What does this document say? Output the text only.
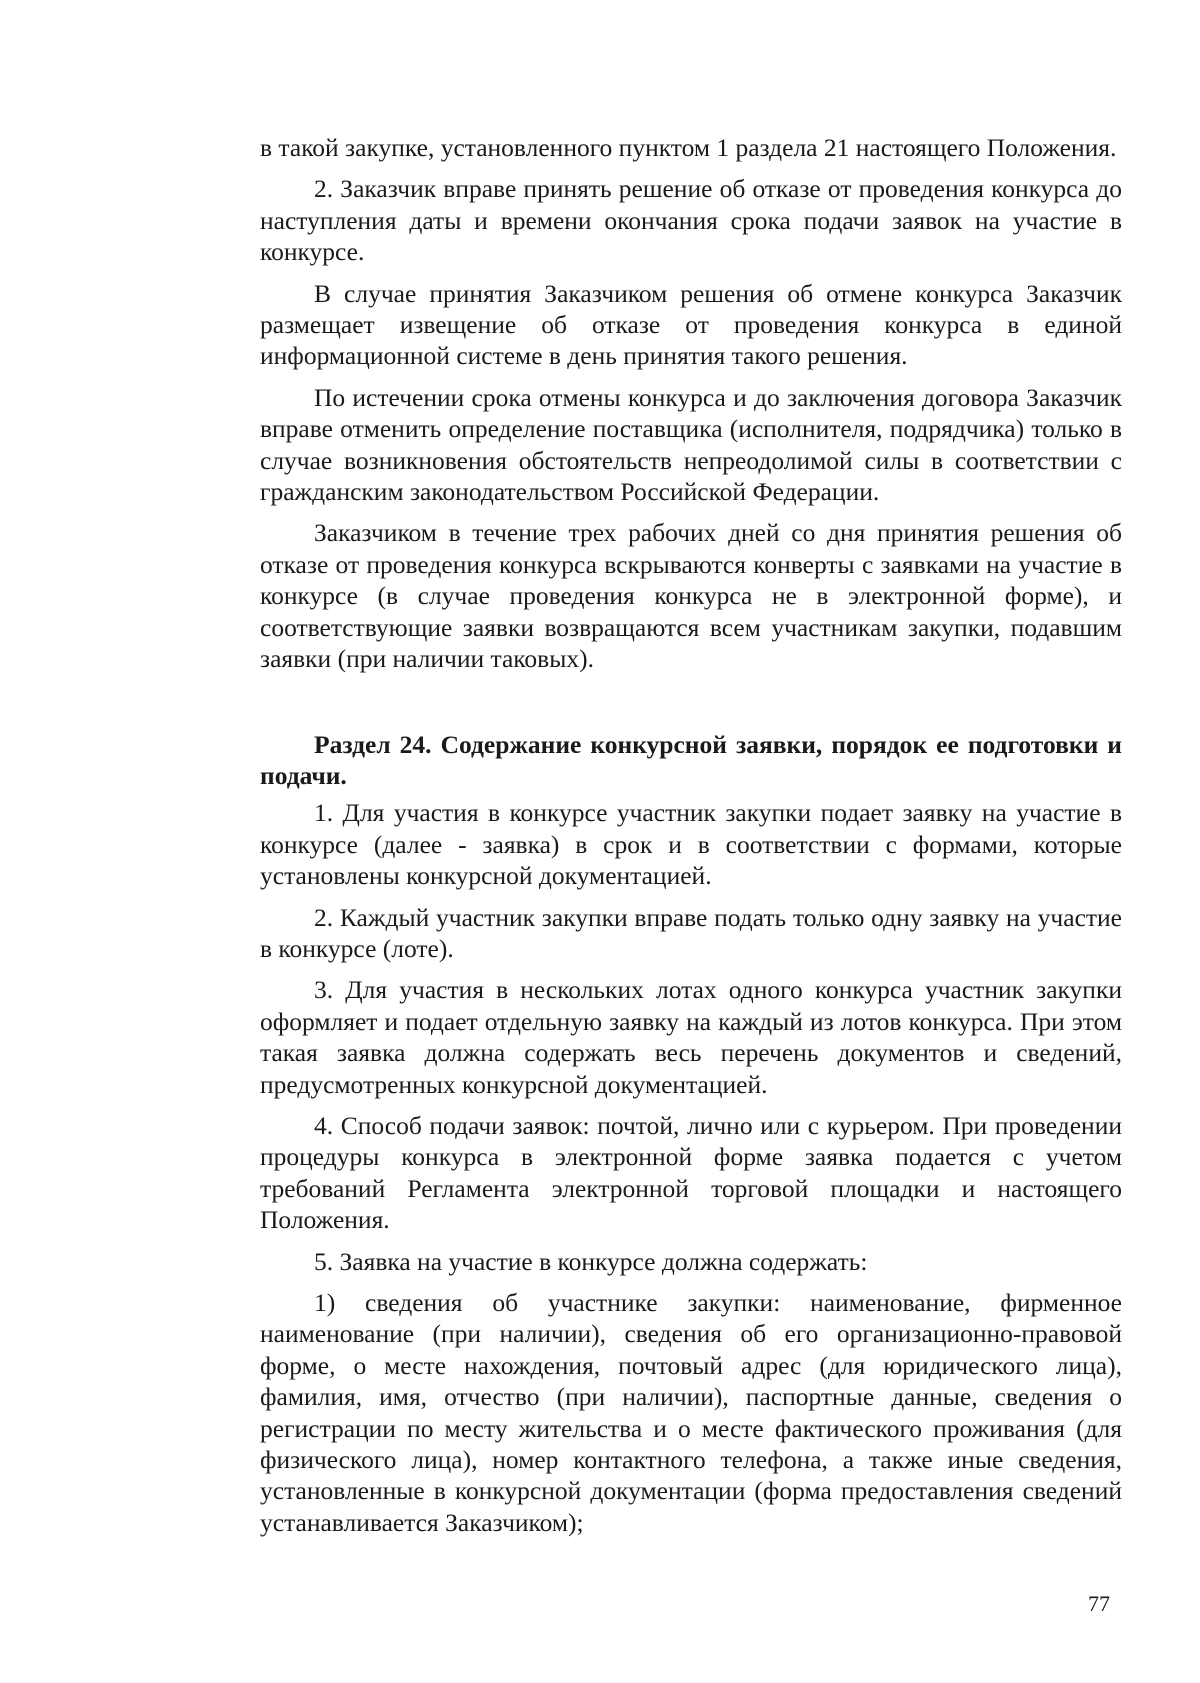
в такой закупке, установленного пунктом 1 раздела 21 настоящего Положения.

2. Заказчик вправе принять решение об отказе от проведения конкурса до наступления даты и времени окончания срока подачи заявок на участие в конкурсе.

В случае принятия Заказчиком решения об отмене конкурса Заказчик размещает извещение об отказе от проведения конкурса в единой информационной системе в день принятия такого решения.

По истечении срока отмены конкурса и до заключения договора Заказчик вправе отменить определение поставщика (исполнителя, подрядчика) только в случае возникновения обстоятельств непреодолимой силы в соответствии с гражданским законодательством Российской Федерации.

Заказчиком в течение трех рабочих дней со дня принятия решения об отказе от проведения конкурса вскрываются конверты с заявками на участие в конкурсе (в случае проведения конкурса не в электронной форме), и соответствующие заявки возвращаются всем участникам закупки, подавшим заявки (при наличии таковых).

Раздел 24. Содержание конкурсной заявки, порядок ее подготовки и подачи.

1. Для участия в конкурсе участник закупки подает заявку на участие в конкурсе (далее - заявка) в срок и в соответствии с формами, которые установлены конкурсной документацией.

2. Каждый участник закупки вправе подать только одну заявку на участие в конкурсе (лоте).

3. Для участия в нескольких лотах одного конкурса участник закупки оформляет и подает отдельную заявку на каждый из лотов конкурса. При этом такая заявка должна содержать весь перечень документов и сведений, предусмотренных конкурсной документацией.

4. Способ подачи заявок: почтой, лично или с курьером. При проведении процедуры конкурса в электронной форме заявка подается с учетом требований Регламента электронной торговой площадки и настоящего Положения.

5. Заявка на участие в конкурсе должна содержать:

1) сведения об участнике закупки: наименование, фирменное наименование (при наличии), сведения об его организационно-правовой форме, о месте нахождения, почтовый адрес (для юридического лица), фамилия, имя, отчество (при наличии), паспортные данные, сведения о регистрации по месту жительства и о месте фактического проживания (для физического лица), номер контактного телефона, а также иные сведения, установленные в конкурсной документации (форма предоставления сведений устанавливается Заказчиком);

77
